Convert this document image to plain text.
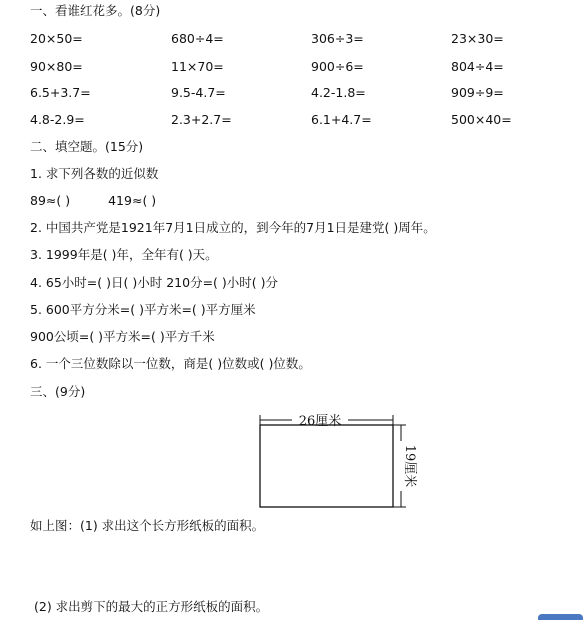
一、看谁红花多。(8分)
20×50=	680÷4=	306÷3=	23×30=
90×80=	11×70=	900÷6=	804÷4=
6.5+3.7=	9.5-4.7=	4.2-1.8=	909÷9=
4.8-2.9=	2.3+2.7=	6.1+4.7=	500×40=
二、填空题。(15分)
1. 求下列各数的近似数
89≈( )	419≈( )
2. 中国共产党是1921年7月1日成立的，到今年的7月1日是建党( )周年。
3. 1999年是( )年，全年有( )天。
4. 65小时=( )日( )小时 210分=( )小时( )分
5. 600平方分米=( )平方米=( )平方厘米
900公顷=( )平方米=( )平方千米
6. 一个三位数除以一位数，商是( )位数或( )位数。
三、(9分)
26厘米
19厘米
如上图：(1) 求出这个长方形纸板的面积。
(2) 求出剪下的最大的正方形纸板的面积。
